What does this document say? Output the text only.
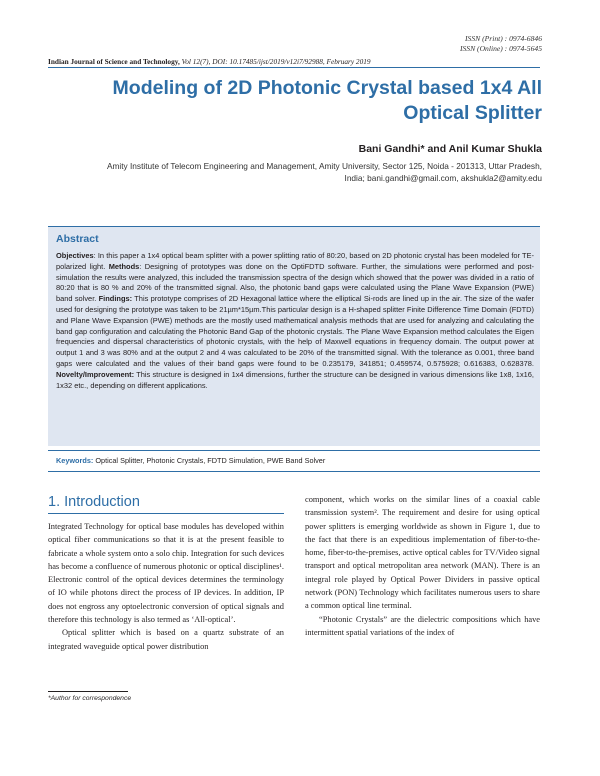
ISSN (Print) : 0974-6846
ISSN (Online) : 0974-5645
Indian Journal of Science and Technology, Vol 12(7), DOI: 10.17485/ijst/2019/v12i7/92988, February 2019
Modeling of 2D Photonic Crystal based 1x4 All Optical Splitter
Bani Gandhi* and Anil Kumar Shukla
Amity Institute of Telecom Engineering and Management, Amity University, Sector 125, Noida - 201313, Uttar Pradesh, India; bani.gandhi@gmail.com, akshukla2@amity.edu
Abstract
Objectives: In this paper a 1x4 optical beam splitter with a power splitting ratio of 80:20, based on 2D photonic crystal has been modeled for TE-polarized light. Methods: Designing of prototypes was done on the OptiFDTD software. Further, the simulations were performed and post-simulation the results were analyzed, this included the transmission spectra of the design which showed that the power was divided in a ratio of 80:20 that is 80 % and 20% of the transmitted signal. Also, the photonic band gaps were calculated using the Plane Wave Expansion (PWE) band solver. Findings: This prototype comprises of 2D Hexagonal lattice where the elliptical Si-rods are lined up in the air. The size of the wafer used for designing the prototype was taken to be 21µm*15µm.This particular design is a H-shaped splitter Finite Difference Time Domain (FDTD) and Plane Wave Expansion (PWE) methods are the mostly used mathematical analysis methods that are used for analyzing and calculating the band gap configuration and calculating the Photonic Band Gap of the photonic crystals. The Plane Wave Expansion method calculates the Eigen frequencies and dispersal characteristics of photonic crystals, with the help of Maxwell equations in frequency domain. The output power at output 1 and 3 was 80% and at the output 2 and 4 was calculated to be 20% of the transmitted signal. With the tolerance as 0.001, three band gaps were calculated and the values of their band gaps were found to be 0.235179, 341851; 0.459574, 0.575928; 0.616383, 0.628378. Novelty/Improvement: This structure is designed in 1x4 dimensions, further the structure can be designed in various dimensions like 1x8, 1x16, 1x32 etc., depending on different applications.
Keywords: Optical Splitter, Photonic Crystals, FDTD Simulation, PWE Band Solver
1. Introduction

Integrated Technology for optical base modules has developed within optical fiber communications so that it is at the present feasible to fabricate a whole system onto a solo chip. Integration for such devices has become a confluence of numerous photonic or optical disciplines¹. Electronic control of the optical devices determines the terminology of IO while photons direct the process of IP devices. In addition, IP does not engross any optoelectronic conversion of optical signals and therefore this technology is also termed as ‘All-optical’.

Optical splitter which is based on a quartz substrate of an integrated waveguide optical power distribution

component, which works on the similar lines of a coaxial cable transmission system². The requirement and desire for using optical power splitters is emerging worldwide as shown in Figure 1, due to the fact that there is an expeditious implementation of fiber-to-the-home, fiber-to-the-premises, active optical cables for TV/Video signal transport and optical metropolitan area network (MAN). There is an integral role played by Optical Power Dividers in passive optical network (PON) Technology which facilitates numerous users to share a common optical line terminal.

“Photonic Crystals” are the dielectric compositions which have intermittent spatial variations of the index of

*Author for correspondence
